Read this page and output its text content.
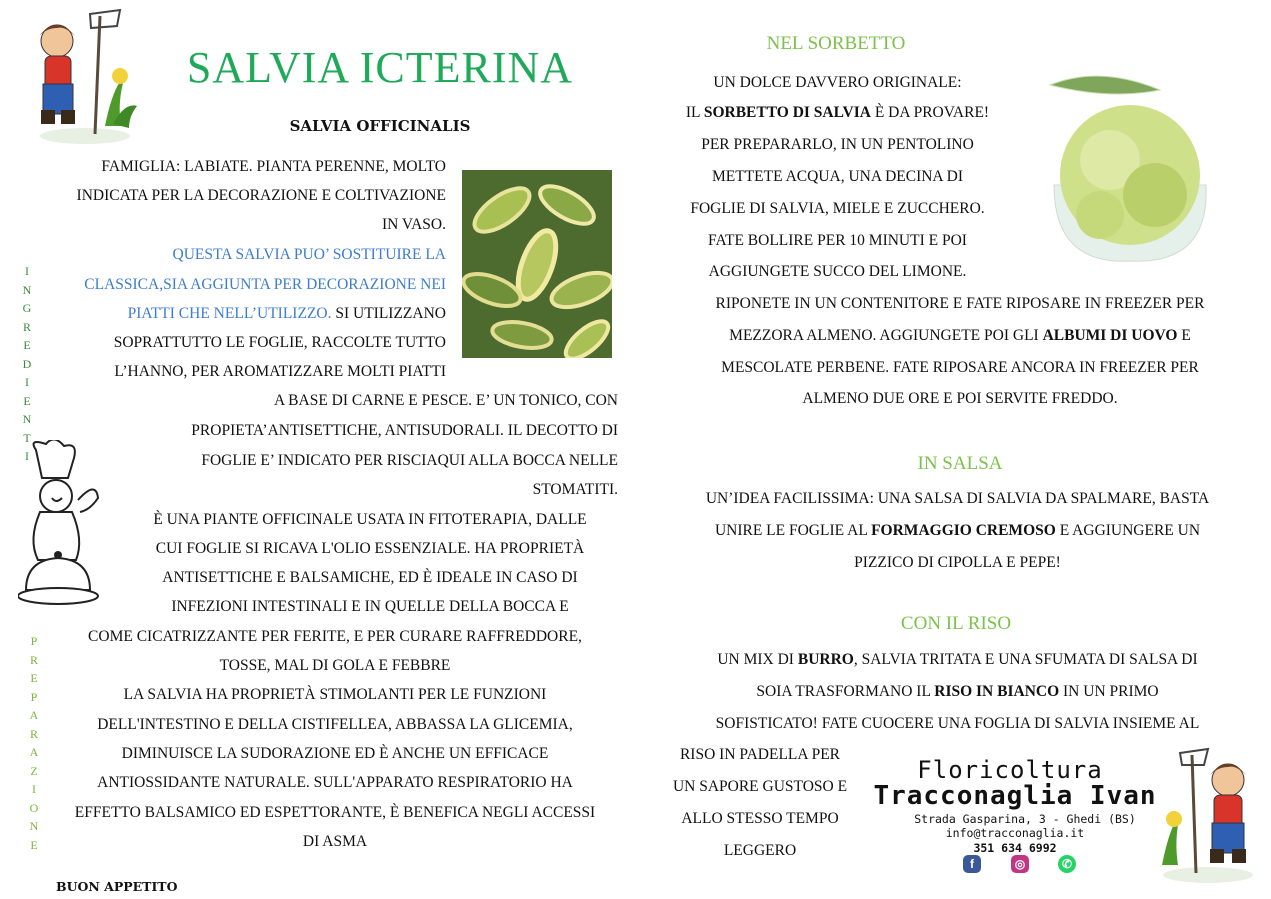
SALVIA ICTERINA
SALVIA OFFICINALIS
FAMIGLIA: LABIATE. PIANTA PERENNE, MOLTO
INDICATA PER LA DECORAZIONE E COLTIVAZIONE
IN VASO.
QUESTA SALVIA PUO’ SOSTITUIRE LA
CLASSICA,SIA AGGIUNTA PER DECORAZIONE NEI
PIATTI CHE NELL’UTILIZZO. SI UTILIZZANO
SOPRATTUTTO LE FOGLIE, RACCOLTE TUTTO
L’HANNO, PER AROMATIZZARE MOLTI PIATTI
A BASE DI CARNE E PESCE. E’ UN TONICO, CON
PROPIETA’ANTISETTICHE, ANTISUDORALI. IL DECOTTO DI
FOGLIE E’ INDICATO PER RISCIAQUI ALLA BOCCA NELLE
STOMATITI.
È UNA PIANTE OFFICINALE USATA IN FITOTERAPIA, DALLE
CUI FOGLIE SI RICAVA L'OLIO ESSENZIALE. HA PROPRIETÀ
ANTISETTICHE E BALSAMICHE, ED È IDEALE IN CASO DI
INFEZIONI INTESTINALI E IN QUELLE DELLA BOCCA E
COME CICATRIZZANTE PER FERITE, E PER CURARE RAFFREDDORE,
TOSSE, MAL DI GOLA E FEBBRE
LA SALVIA HA PROPRIETÀ STIMOLANTI PER LE FUNZIONI
DELL'INTESTINO E DELLA CISTIFELLEA, ABBASSA LA GLICEMIA,
DIMINUISCE LA SUDORAZIONE ED È ANCHE UN EFFICACE
ANTIOSSIDANTE NATURALE. SULL'APPARATO RESPIRATORIO HA
EFFETTO BALSAMICO ED ESPETTORANTE, È BENEFICA NEGLI ACCESSI
DI ASMA
BUON APPETITO
I
N
G
R
E
D
I
E
N
T
I
P
R
E
P
A
R
A
Z
I
O
N
E
NEL SORBETTO
UN DOLCE DAVVERO ORIGINALE:
IL SORBETTO DI SALVIA È DA PROVARE!
PER PREPARARLO, IN UN PENTOLINO
METTETE ACQUA, UNA DECINA DI
FOGLIE DI SALVIA, MIELE E ZUCCHERO.
FATE BOLLIRE PER 10 MINUTI E POI
AGGIUNGETE SUCCO DEL LIMONE.
RIPONETE IN UN CONTENITORE E FATE RIPOSARE IN FREEZER PER
MEZZORA ALMENO. AGGIUNGETE POI GLI ALBUMI DI UOVO E
MESCOLATE PERBENE. FATE RIPOSARE ANCORA IN FREEZER PER
ALMENO DUE ORE E POI SERVITE FREDDO.
IN SALSA
UN’IDEA FACILISSIMA: UNA SALSA DI SALVIA DA SPALMARE, BASTA
UNIRE LE FOGLIE AL FORMAGGIO CREMOSO E AGGIUNGERE UN
PIZZICO DI CIPOLLA E PEPE!
CON IL RISO
UN MIX DI BURRO, SALVIA TRITATA E UNA SFUMATA DI SALSA DI
SOIA TRASFORMANO IL RISO IN BIANCO IN UN PRIMO
SOFISTICATO! FATE CUOCERE UNA FOGLIA DI SALVIA INSIEME AL
RISO IN PADELLA PER
UN SAPORE GUSTOSO E
ALLO STESSO TEMPO
LEGGERO
Floricoltura
Tracconaglia Ivan
Strada Gasparina, 3 - Ghedi (BS)
info@tracconaglia.it
351 634 6992
f	◎	✆
